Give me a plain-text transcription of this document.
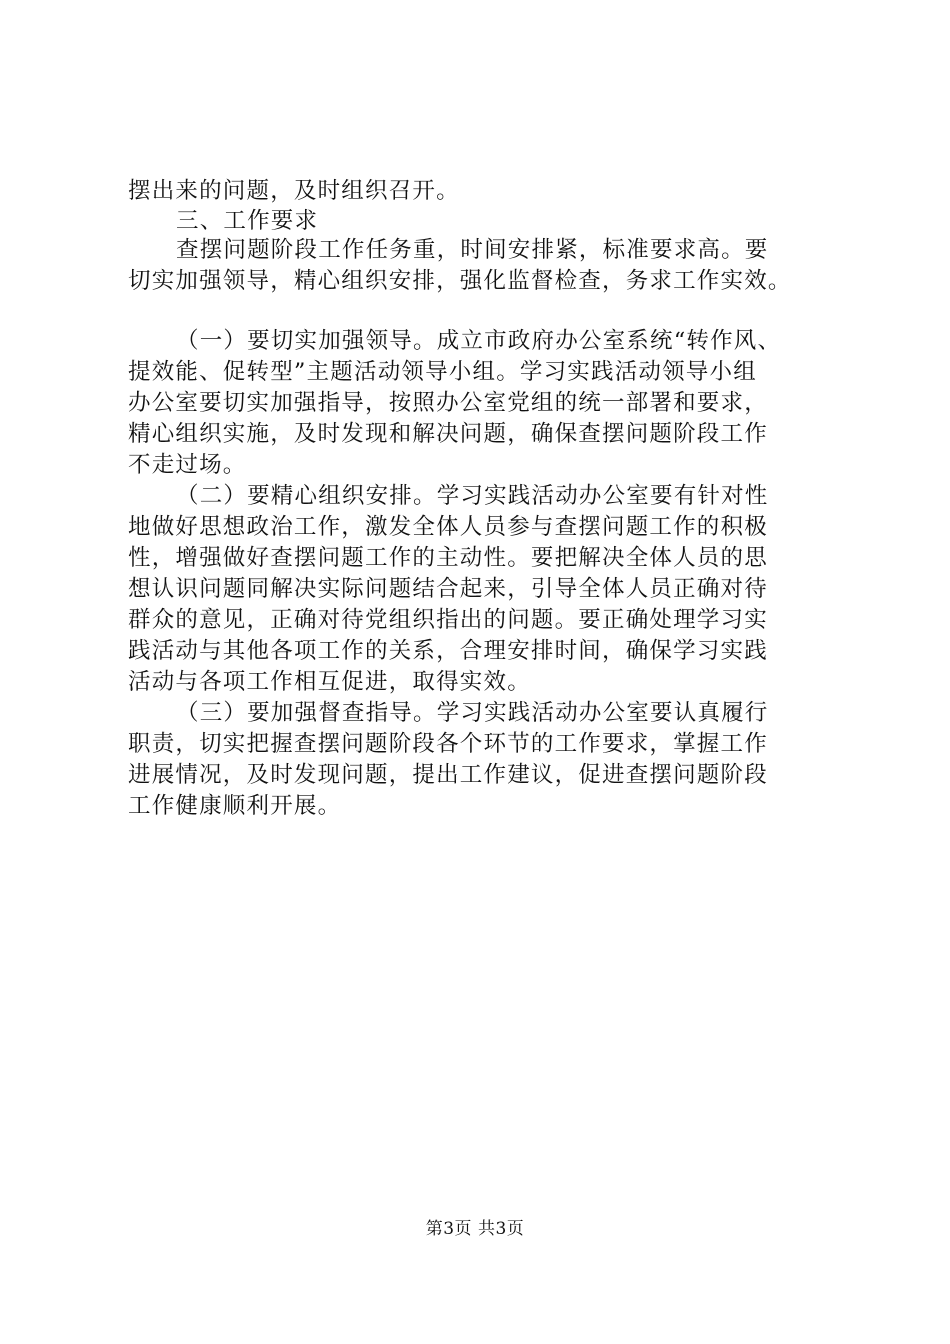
摆出来的问题，及时组织召开。
三、工作要求
查摆问题阶段工作任务重，时间安排紧，标准要求高。要
切实加强领导，精心组织安排，强化监督检查，务求工作实效。
（一）要切实加强领导。成立市政府办公室系统“转作风、
提效能、促转型”主题活动领导小组。学习实践活动领导小组
办公室要切实加强指导，按照办公室党组的统一部署和要求，
精心组织实施，及时发现和解决问题，确保查摆问题阶段工作
不走过场。
（二）要精心组织安排。学习实践活动办公室要有针对性
地做好思想政治工作，激发全体人员参与查摆问题工作的积极
性，增强做好查摆问题工作的主动性。要把解决全体人员的思
想认识问题同解决实际问题结合起来，引导全体人员正确对待
群众的意见，正确对待党组织指出的问题。要正确处理学习实
践活动与其他各项工作的关系，合理安排时间，确保学习实践
活动与各项工作相互促进，取得实效。
（三）要加强督查指导。学习实践活动办公室要认真履行
职责，切实把握查摆问题阶段各个环节的工作要求，掌握工作
进展情况，及时发现问题，提出工作建议，促进查摆问题阶段
工作健康顺利开展。
第3页 共3页
